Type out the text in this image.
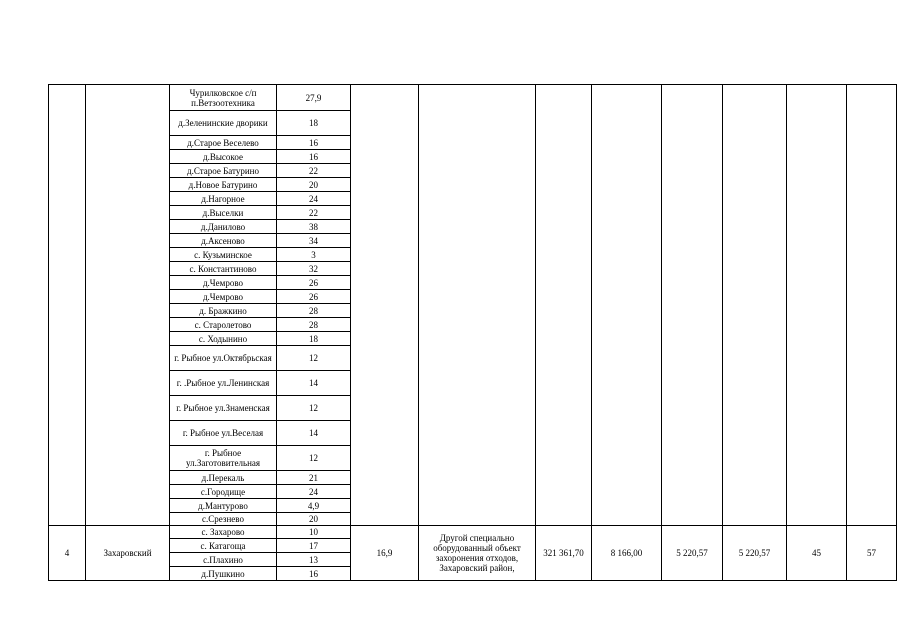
		Чурилковское с/п п.Ветзоотехника	27,9								
		д.Зеленинские дворики	18								
		д.Старое Веселево	16								
		д.Высокое	16								
		д.Старое Батурино	22								
		д.Новое Батурино	20								
		д.Нагорное	24								
		д.Выселки	22								
		д.Данилово	38								
		д.Аксеново	34								
		с. Кузьминское	3								
		с. Константиново	32								
		д.Чемрово	26								
		д.Чемрово	26								
		д. Бражкино	28								
		с. Старолетово	28								
		с. Ходынино	18								
		г. Рыбное ул.Октябрьская	12								
		г. .Рыбное ул.Ленинская	14								
		г. Рыбное ул.Знаменская	12								
		г. Рыбное ул.Веселая	14								
		г. Рыбное ул.Заготовительная	12								
		д.Перекаль	21								
		с.Городище	24								
		д.Мантурово	4,9								
		с.Срезнево	20								
4	Захаровский	с. Захарово	10	16,9	Другой специально оборудованный объект захоронения отходов, Захаровский район,	321 361,70	8 166,00	5 220,57	5 220,57	45	57
		с. Катагоща	17								
		с.Плахино	13								
		д.Пушкино	16								
